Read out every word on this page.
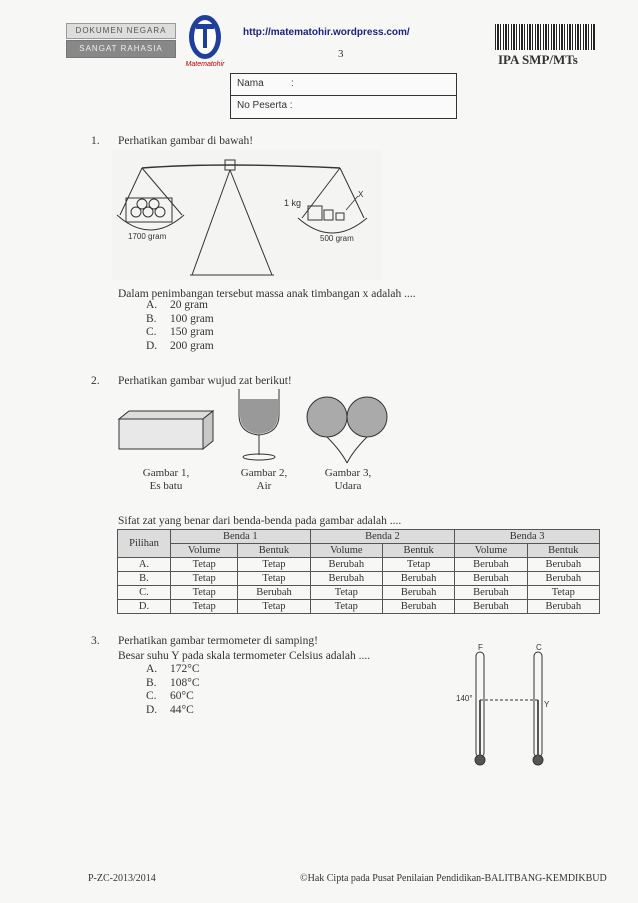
DOKUMEN NEGARA
SANGAT RAHASIA
Matematohir
http://matematohir.wordpress.com/
3	IPA SMP/MTs
Nama	:
No Peserta :
1. Perhatikan gambar di bawah!
1700 gram
1 kg
X
500 gram
Dalam penimbangan tersebut massa anak timbangan x adalah ....
A. 20 gram
B. 100 gram
C. 150 gram
D. 200 gram
2. Perhatikan gambar wujud zat berikut!
Gambar 1,
Es batu
Gambar 2,
Air
Gambar 3,
Udara
Sifat zat yang benar dari benda-benda pada gambar adalah ....
Pilihan	Benda 1		Benda 2		Benda 3	
	Volume	Bentuk	Volume	Bentuk	Volume	Bentuk
A.	Tetap	Tetap	Berubah	Tetap	Berubah	Berubah
B.	Tetap	Tetap	Berubah	Berubah	Berubah	Berubah
C.	Tetap	Berubah	Tetap	Berubah	Berubah	Tetap
D.	Tetap	Tetap	Tetap	Berubah	Berubah	Berubah
3. Perhatikan gambar termometer di samping!
Besar suhu Y pada skala termometer Celsius adalah ....
A. 172°C
B. 108°C
C. 60°C
D. 44°C
F	C
140°
Y
P-ZC-2013/2014	©Hak Cipta pada Pusat Penilaian Pendidikan-BALITBANG-KEMDIKBUD
